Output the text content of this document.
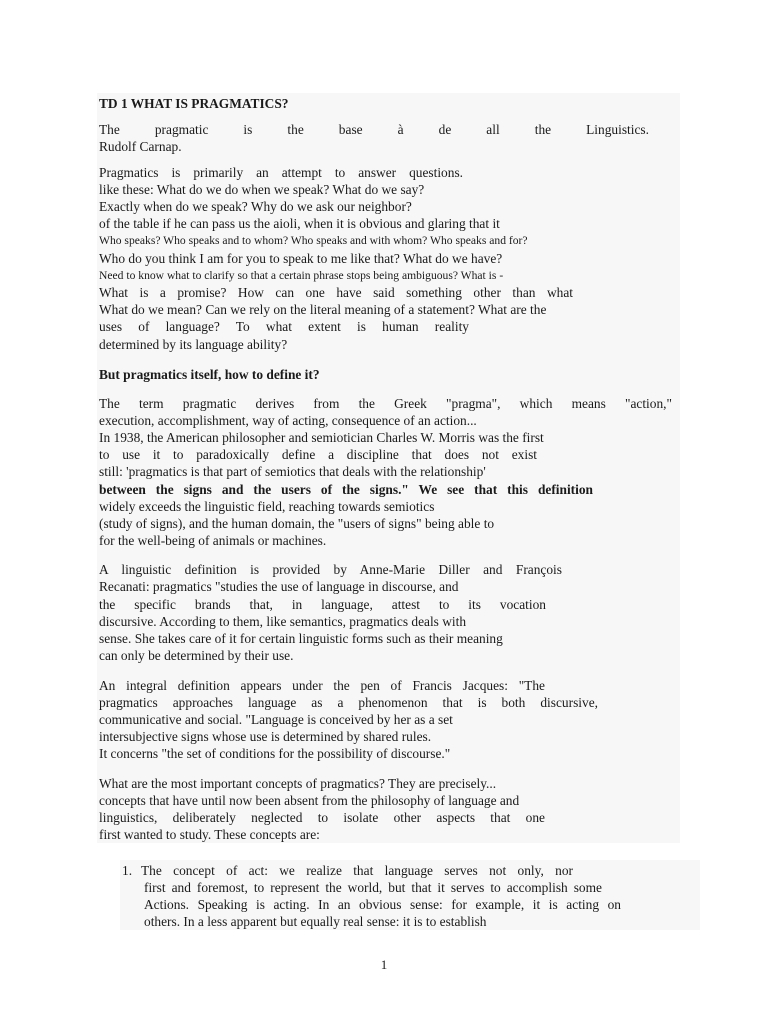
TD 1 WHAT IS PRAGMATICS?
The pragmatic is the base à de all the Linguistics.
Rudolf Carnap.
Pragmatics is primarily an attempt to answer questions.
like these: What do we do when we speak? What do we say?
Exactly when do we speak? Why do we ask our neighbor?
of the table if he can pass us the aioli, when it is obvious and glaring that it
Who speaks? Who speaks and to whom? Who speaks and with whom? Who speaks and for?
Who do you think I am for you to speak to me like that? What do we have?
Need to know what to clarify so that a certain phrase stops being ambiguous? What is -
What is a promise? How can one have said something other than what
What do we mean? Can we rely on the literal meaning of a statement? What are the
uses of language? To what extent is human reality
determined by its language ability?
But pragmatics itself, how to define it?
The term pragmatic derives from the Greek "pragma", which means "action,"
execution, accomplishment, way of acting, consequence of an action...
In 1938, the American philosopher and semiotician Charles W. Morris was the first
to use it to paradoxically define a discipline that does not exist
still: 'pragmatics is that part of semiotics that deals with the relationship'
between the signs and the users of the signs." We see that this definition
widely exceeds the linguistic field, reaching towards semiotics
(study of signs), and the human domain, the "users of signs" being able to
for the well-being of animals or machines.
A linguistic definition is provided by Anne-Marie Diller and François
Recanati: pragmatics "studies the use of language in discourse, and
the specific brands that, in language, attest to its vocation
discursive. According to them, like semantics, pragmatics deals with
sense. She takes care of it for certain linguistic forms such as their meaning
can only be determined by their use.
An integral definition appears under the pen of Francis Jacques: "The
pragmatics approaches language as a phenomenon that is both discursive,
communicative and social. "Language is conceived by her as a set
intersubjective signs whose use is determined by shared rules.
It concerns "the set of conditions for the possibility of discourse."
What are the most important concepts of pragmatics? They are precisely...
concepts that have until now been absent from the philosophy of language and
linguistics, deliberately neglected to isolate other aspects that one
first wanted to study. These concepts are:
1. The concept of act: we realize that language serves not only, nor
first and foremost, to represent the world, but that it serves to accomplish some
Actions. Speaking is acting. In an obvious sense: for example, it is acting on
others. In a less apparent but equally real sense: it is to establish
1
